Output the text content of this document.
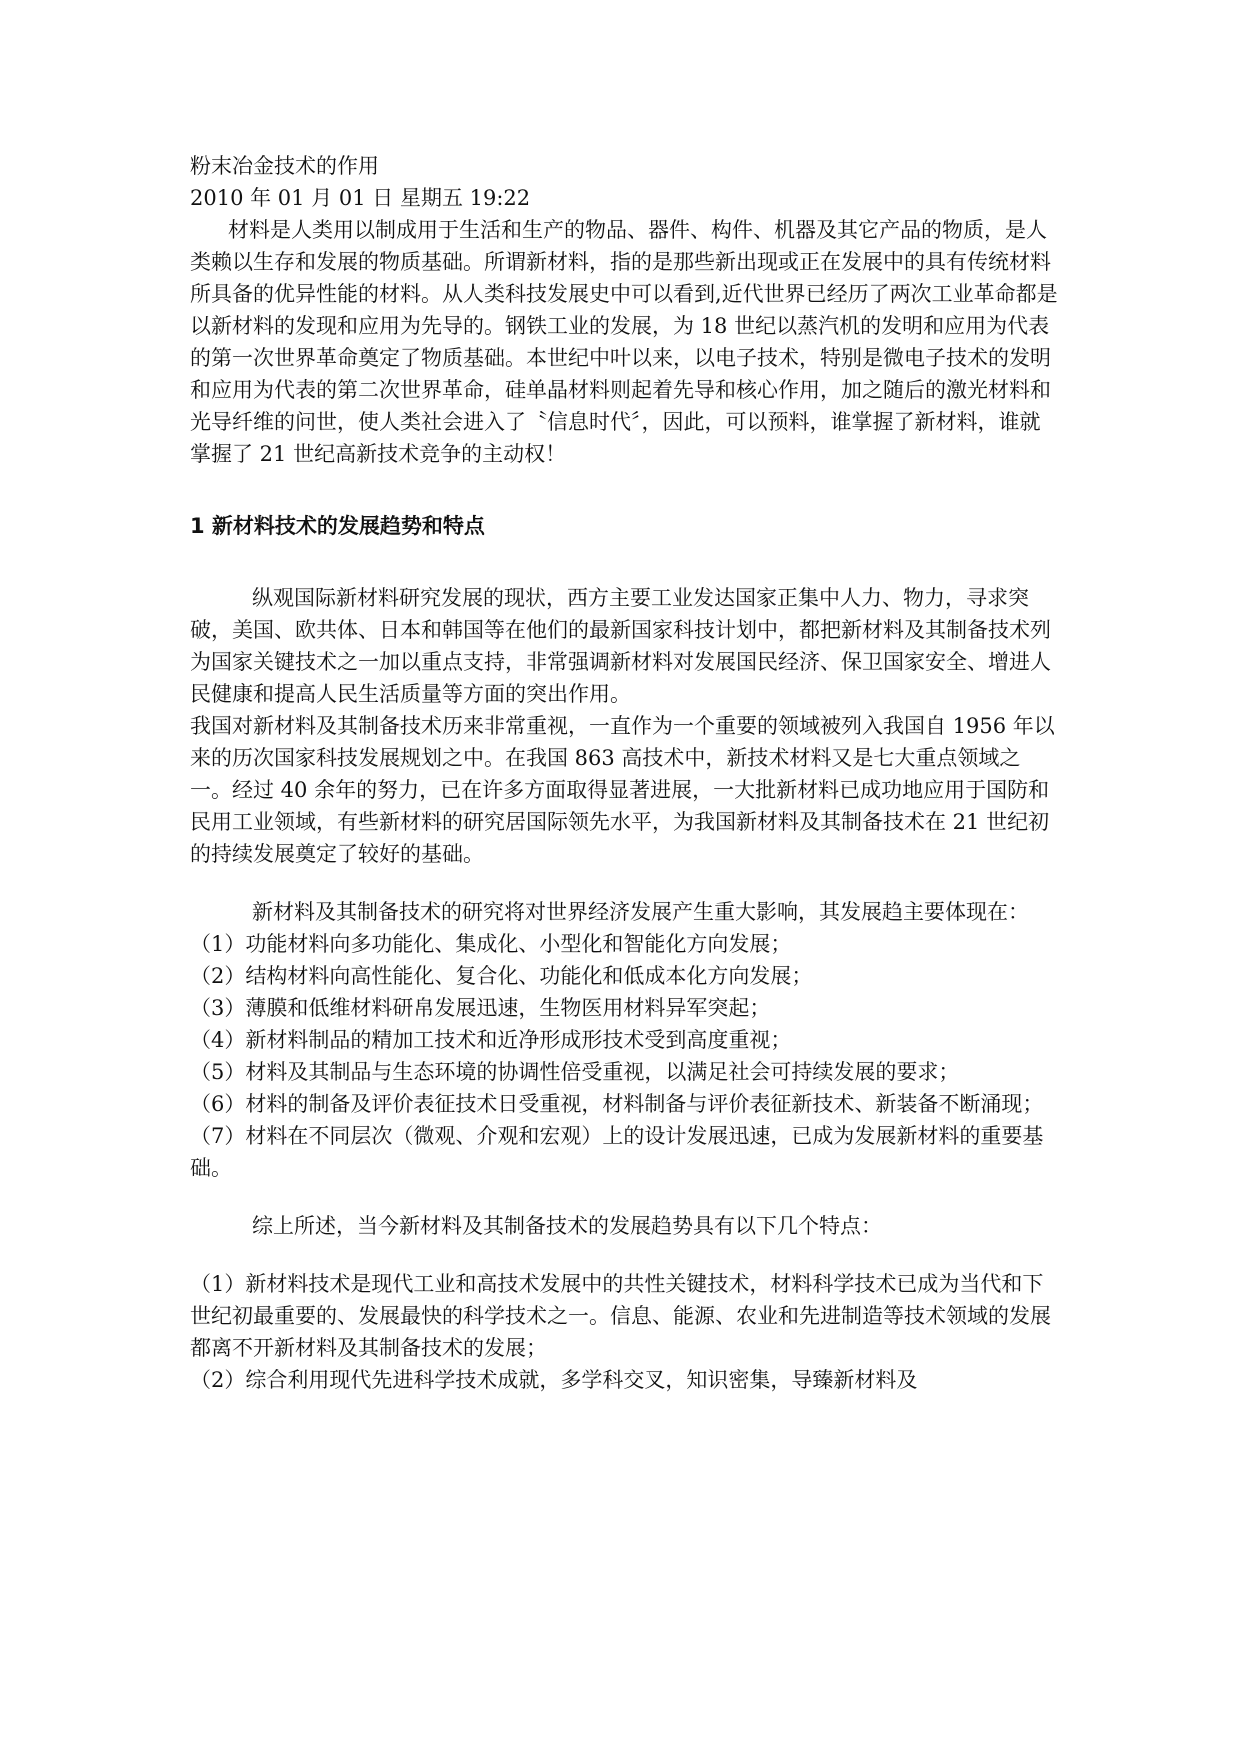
粉末冶金技术的作用

2010 年 01 月 01 日 星期五 19:22

材料是人类用以制成用于生活和生产的物品、器件、构件、机器及其它产品的物质，是人类赖以生存和发展的物质基础。所谓新材料，指的是那些新出现或正在发展中的具有传统材料所具备的优异性能的材料。从人类科技发展史中可以看到,近代世界已经历了两次工业革命都是以新材料的发现和应用为先导的。钢铁工业的发展，为 18 世纪以蒸汽机的发明和应用为代表的第一次世界革命奠定了物质基础。本世纪中叶以来，以电子技术，特别是微电子技术的发明和应用为代表的第二次世界革命，硅单晶材料则起着先导和核心作用，加之随后的激光材料和光导纤维的问世，使人类社会进入了〝信息时代〞，因此，可以预料，谁掌握了新材料，谁就掌握了 21 世纪高新技术竞争的主动权！

1 新材料技术的发展趋势和特点

纵观国际新材料研究发展的现状，西方主要工业发达国家正集中人力、物力，寻求突破，美国、欧共体、日本和韩国等在他们的最新国家科技计划中，都把新材料及其制备技术列为国家关键技术之一加以重点支持，非常强调新材料对发展国民经济、保卫国家安全、增进人民健康和提高人民生活质量等方面的突出作用。

我国对新材料及其制备技术历来非常重视，一直作为一个重要的领域被列入我国自 1956 年以来的历次国家科技发展规划之中。在我国 863 高技术中，新技术材料又是七大重点领域之一。经过 40 余年的努力，已在许多方面取得显著进展，一大批新材料已成功地应用于国防和民用工业领域，有些新材料的研究居国际领先水平，为我国新材料及其制备技术在 21 世纪初的持续发展奠定了较好的基础。

新材料及其制备技术的研究将对世界经济发展产生重大影响，其发展趋主要体现在：

（1）功能材料向多功能化、集成化、小型化和智能化方向发展；

（2）结构材料向高性能化、复合化、功能化和低成本化方向发展；

（3）薄膜和低维材料研帛发展迅速，生物医用材料异军突起；

（4）新材料制品的精加工技术和近净形成形技术受到高度重视；

（5）材料及其制品与生态环境的协调性倍受重视，以满足社会可持续发展的要求；

（6）材料的制备及评价表征技术日受重视，材料制备与评价表征新技术、新装备不断涌现；

（7）材料在不同层次（微观、介观和宏观）上的设计发展迅速，已成为发展新材料的重要基础。

综上所述，当今新材料及其制备技术的发展趋势具有以下几个特点：

（1）新材料技术是现代工业和高技术发展中的共性关键技术，材料科学技术已成为当代和下世纪初最重要的、发展最快的科学技术之一。信息、能源、农业和先进制造等技术领域的发展都离不开新材料及其制备技术的发展；

（2）综合利用现代先进科学技术成就，多学科交叉，知识密集，导臻新材料及
